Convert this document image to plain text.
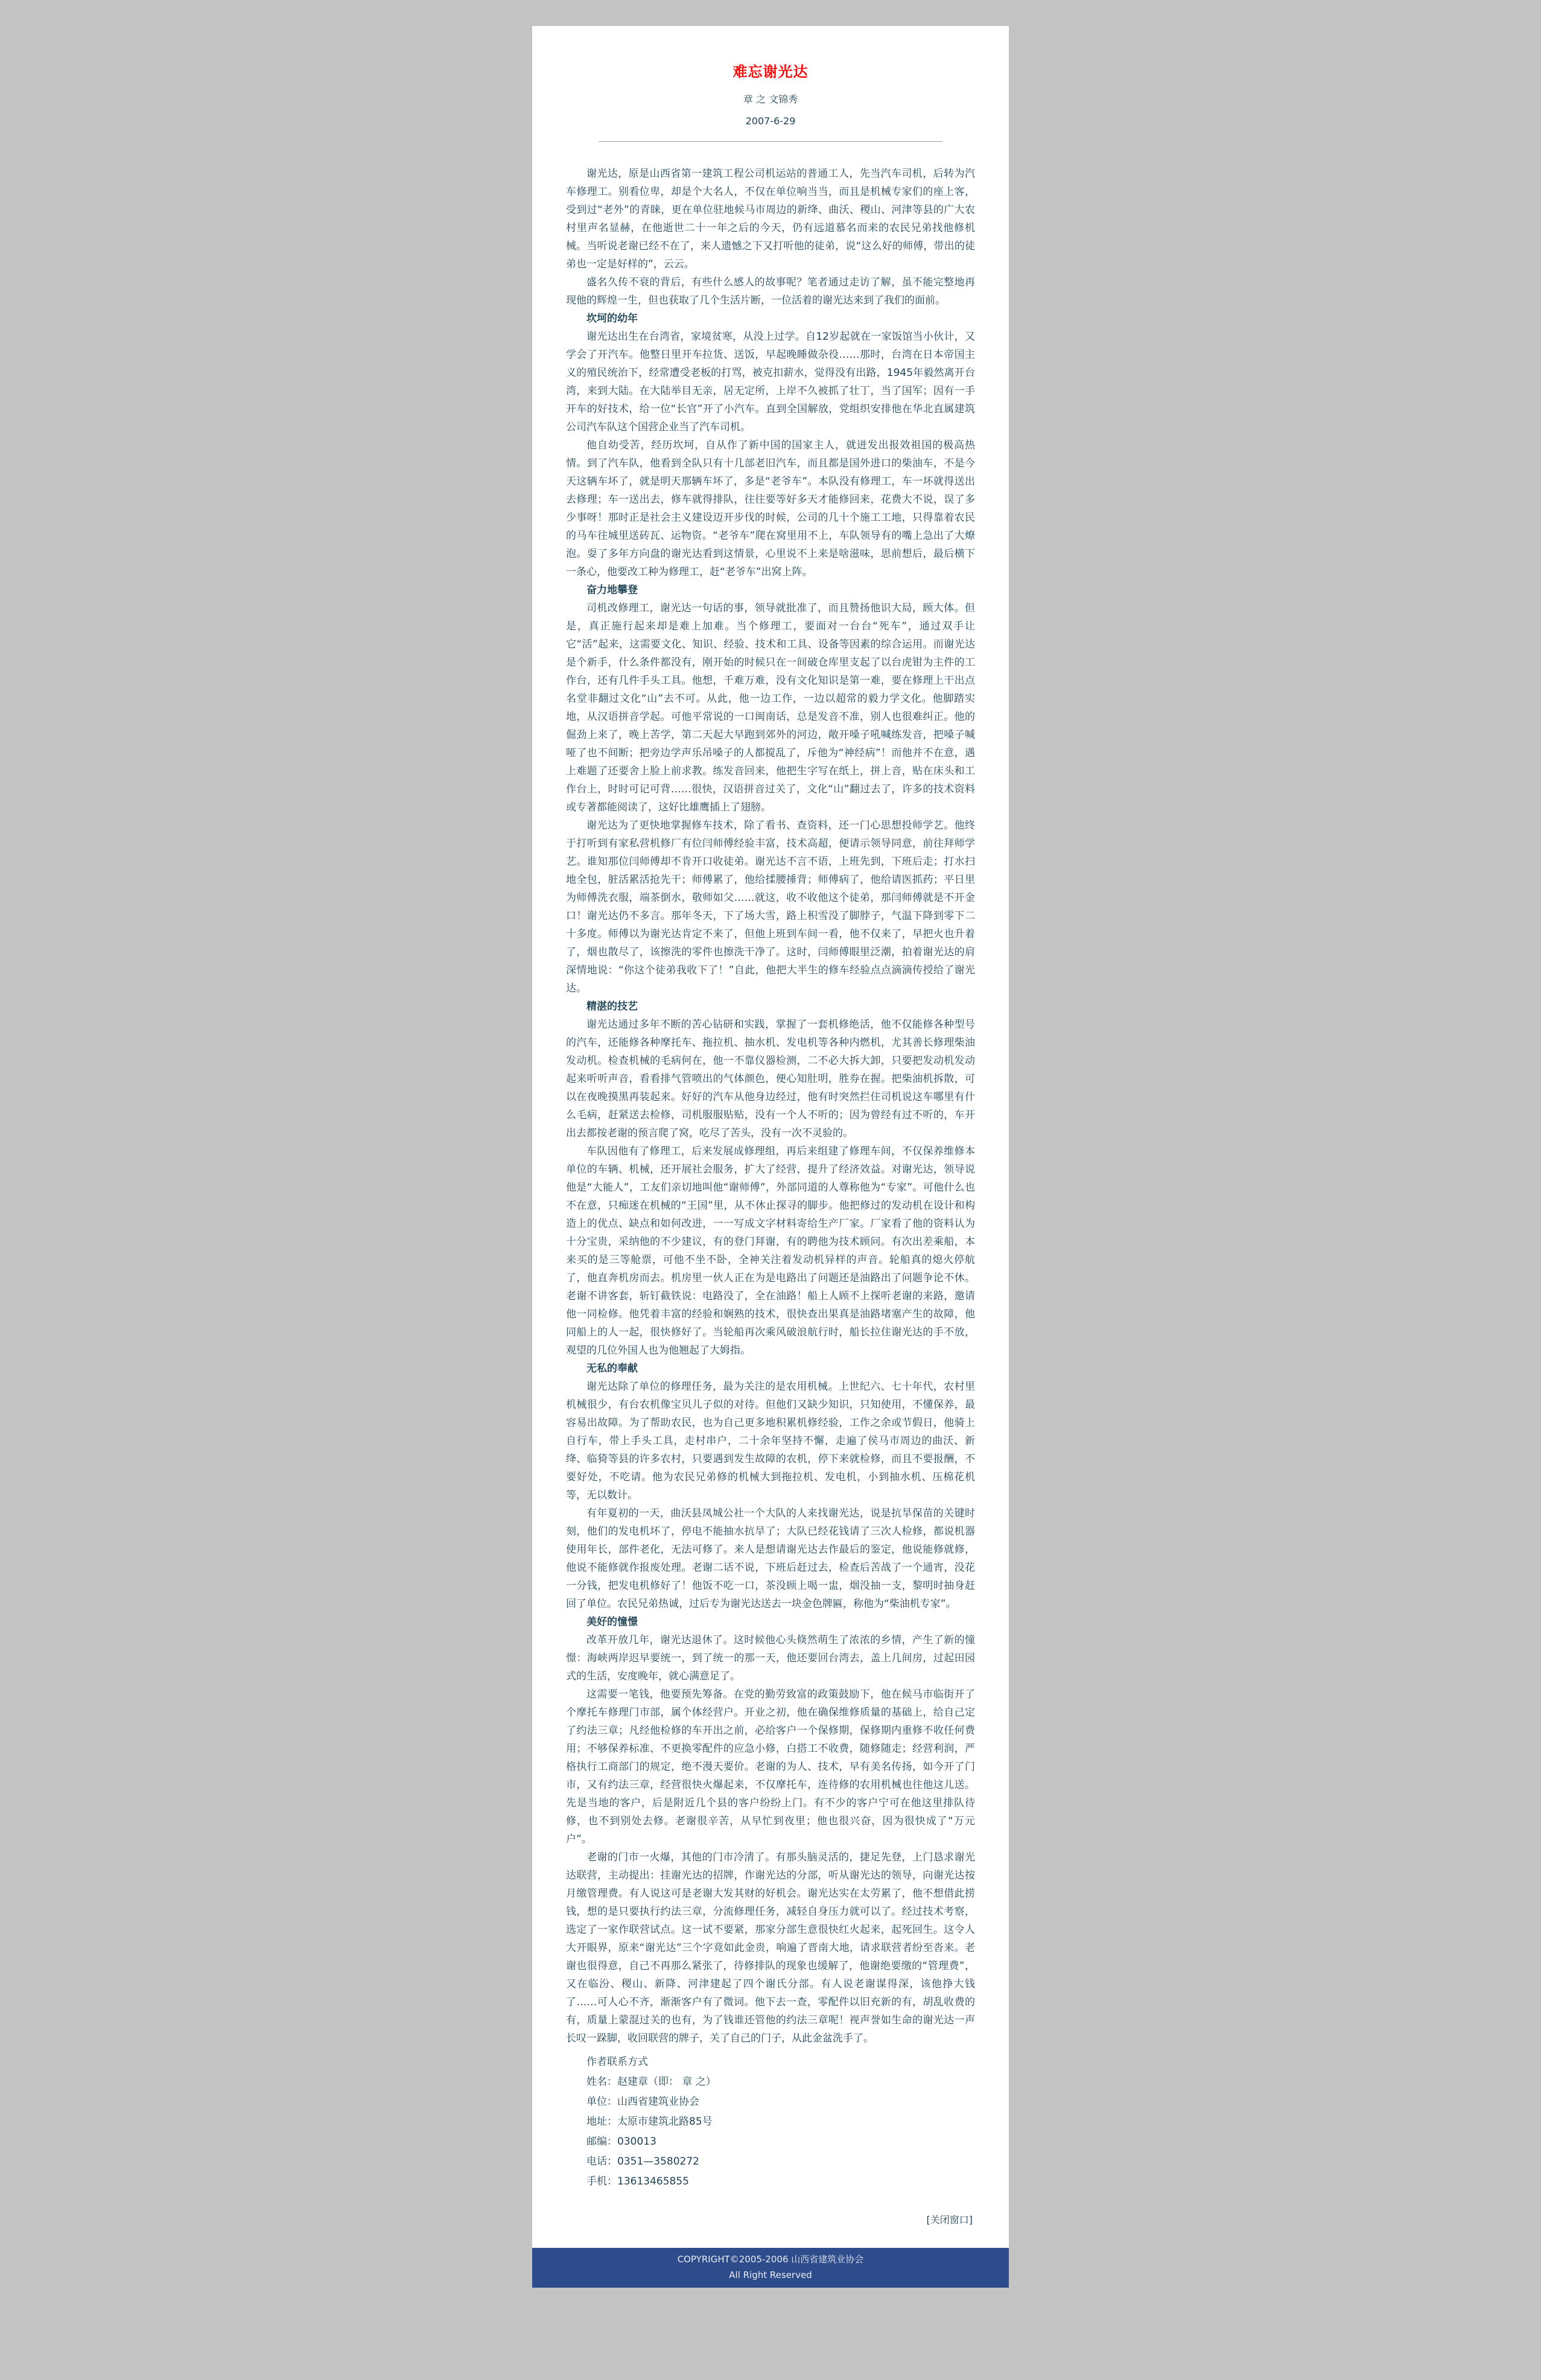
难忘谢光达

章 之 文锦秀

2007-6-29

谢光达，原是山西省第一建筑工程公司机运站的普通工人，先当汽车司机，后转为汽车修理工。别看位卑，却是个大名人，不仅在单位响当当，而且是机械专家们的座上客，受到过“老外”的青睐，更在单位驻地候马市周边的新绛、曲沃、稷山、河津等县的广大农村里声名显赫，在他逝世二十一年之后的今天，仍有远道慕名而来的农民兄弟找他修机械。当听说老谢已经不在了，来人遗憾之下又打听他的徒弟，说“这么好的师傅，带出的徒弟也一定是好样的”，云云。

盛名久传不衰的背后，有些什么感人的故事呢？笔者通过走访了解，虽不能完整地再现他的辉煌一生，但也获取了几个生活片断，一位活着的谢光达来到了我们的面前。

坎坷的幼年

谢光达出生在台湾省，家境贫寒，从没上过学。自12岁起就在一家饭馆当小伙计，又学会了开汽车。他整日里开车拉货、送饭，早起晚睡做杂役……那时，台湾在日本帝国主义的殖民统治下，经常遭受老板的打骂，被克扣薪水，觉得没有出路，1945年毅然离开台湾，来到大陆。在大陆举目无亲，居无定所，上岸不久被抓了壮丁，当了国军；因有一手开车的好技术，给一位“长官”开了小汽车。直到全国解放，党组织安排他在华北直属建筑公司汽车队这个国营企业当了汽车司机。

他自幼受苦，经历坎坷，自从作了新中国的国家主人，就迸发出报效祖国的极高热情。到了汽车队，他看到全队只有十几部老旧汽车，而且都是国外进口的柴油车，不是今天这辆车坏了，就是明天那辆车坏了，多是“老爷车”。本队没有修理工，车一坏就得送出去修理；车一送出去，修车就得排队，往往要等好多天才能修回来，花费大不说，误了多少事呀！那时正是社会主义建设迈开步伐的时候，公司的几十个施工工地，只得靠着农民的马车往城里送砖瓦、运物资。“老爷车”爬在窝里用不上，车队领导有的嘴上急出了大燎泡。耍了多年方向盘的谢光达看到这情景，心里说不上来是啥滋味，思前想后，最后横下一条心，他要改工种为修理工，赶“老爷车”出窝上阵。

奋力地攀登

司机改修理工，谢光达一句话的事，领导就批准了，而且赞扬他识大局，顾大体。但是，真正施行起来却是难上加难。当个修理工，要面对一台台“死车”，通过双手让它“活”起来，这需要文化、知识、经验、技术和工具、设备等因素的综合运用。而谢光达是个新手，什么条件都没有，刚开始的时候只在一间破仓库里支起了以台虎钳为主件的工作台，还有几件手头工具。他想，千难万难，没有文化知识是第一难，要在修理上干出点名堂非翻过文化“山”去不可。从此，他一边工作，一边以超常的毅力学文化。他脚踏实地，从汉语拼音学起。可他平常说的一口闽南话，总是发音不准，别人也很难纠正。他的倔劲上来了，晚上苦学，第二天起大早跑到郊外的河边，敞开嗓子吼喊练发音，把嗓子喊哑了也不间断；把旁边学声乐吊嗓子的人都搅乱了，斥他为“神经病”！而他并不在意，遇上难题了还要舍上脸上前求教。练发音回来，他把生字写在纸上，拼上音，贴在床头和工作台上，时时可记可背……很快，汉语拼音过关了，文化“山”翻过去了，许多的技术资料或专著都能阅读了，这好比雄鹰插上了翅膀。

谢光达为了更快地掌握修车技术，除了看书、查资料，还一门心思想投师学艺。他终于打听到有家私营机修厂有位闫师傅经验丰富，技术高超，便请示领导同意，前往拜师学艺。谁知那位闫师傅却不肯开口收徒弟。谢光达不言不语，上班先到，下班后走；打水扫地全包，脏活累活抢先干；师傅累了，他给揉腰捶背；师傅病了，他给请医抓药；平日里为师傅洗衣服，端茶倒水，敬师如父……就这，收不收他这个徒弟，那闫师傅就是不开金口！谢光达仍不多言。那年冬天，下了场大雪，路上积雪没了脚脖子，气温下降到零下二十多度。师傅以为谢光达肯定不来了，但他上班到车间一看，他不仅来了，早把火也升着了，烟也散尽了，该擦洗的零件也擦洗干净了。这时，闫师傅眼里泛潮，拍着谢光达的肩深情地说：“你这个徒弟我收下了！”自此，他把大半生的修车经验点点滴滴传授给了谢光达。

精湛的技艺

谢光达通过多年不断的苦心钻研和实践，掌握了一套机修绝活，他不仅能修各种型号的汽车，还能修各种摩托车、拖拉机、抽水机、发电机等各种内燃机，尤其善长修理柴油发动机。检查机械的毛病何在，他一不靠仪器检测，二不必大拆大卸，只要把发动机发动起来听听声音，看看排气管喷出的气体颜色，便心知肚明，胜券在握。把柴油机拆散，可以在夜晚摸黑再装起来。好好的汽车从他身边经过，他有时突然拦住司机说这车哪里有什么毛病，赶紧送去检修，司机服服贴贴，没有一个人不听的；因为曾经有过不听的，车开出去都按老谢的预言爬了窝，吃尽了苦头，没有一次不灵验的。

车队因他有了修理工，后来发展成修理组，再后来组建了修理车间，不仅保养维修本单位的车辆、机械，还开展社会服务，扩大了经营，提升了经济效益。对谢光达，领导说他是“大能人”，工友们亲切地叫他“谢师傅”，外部同道的人尊称他为“专家”。可他什么也不在意，只痴迷在机械的“王国”里，从不休止探寻的脚步。他把修过的发动机在设计和构造上的优点、缺点和如何改进，一一写成文字材料寄给生产厂家。厂家看了他的资料认为十分宝贵，采纳他的不少建议，有的登门拜谢，有的聘他为技术顾问。有次出差乘船，本来买的是三等舱票，可他不坐不卧，全神关注着发动机异样的声音。轮船真的熄火停航了，他直奔机房而去。机房里一伙人正在为是电路出了问题还是油路出了问题争论不休。老谢不讲客套，斩钉截铁说：电路没了，全在油路！船上人顾不上探听老谢的来路，邀请他一同检修。他凭着丰富的经验和娴熟的技术，很快查出果真是油路堵塞产生的故障，他同船上的人一起，很快修好了。当轮船再次乘风破浪航行时，船长拉住谢光达的手不放，观望的几位外国人也为他翘起了大姆指。

无私的奉献

谢光达除了单位的修理任务，最为关注的是农用机械。上世纪六、七十年代，农村里机械很少，有台农机像宝贝儿子似的对待。但他们又缺少知识，只知使用，不懂保养，最容易出故障。为了帮助农民，也为自己更多地积累机修经验，工作之余或节假日，他骑上自行车，带上手头工具，走村串户，二十余年坚持不懈，走遍了侯马市周边的曲沃、新绛、临猗等县的许多农村，只要遇到发生故障的农机，停下来就检修，而且不要报酬，不要好处，不吃请。他为农民兄弟修的机械大到拖拉机、发电机，小到抽水机、压棉花机等，无以数计。

有年夏初的一天，曲沃县凤城公社一个大队的人来找谢光达，说是抗旱保苗的关键时刻，他们的发电机坏了，停电不能抽水抗旱了；大队已经花钱请了三次人检修，都说机器使用年长，部件老化，无法可修了。来人是想请谢光达去作最后的鉴定，他说能修就修，他说不能修就作报废处理。老谢二话不说，下班后赶过去，检查后苦战了一个通宵，没花一分钱，把发电机修好了！他饭不吃一口，茶没顾上喝一盅，烟没抽一支，黎明时抽身赶回了单位。农民兄弟热诚，过后专为谢光达送去一块金色牌匾，称他为“柴油机专家”。

美好的憧憬

改革开放几年，谢光达退休了。这时候他心头倏然萌生了浓浓的乡情，产生了新的憧憬：海峡两岸迟早要统一，到了统一的那一天，他还要回台湾去，盖上几间房，过起田园式的生活，安度晚年，就心满意足了。

这需要一笔钱，他要预先筹备。在党的勤劳致富的政策鼓励下，他在候马市临街开了个摩托车修理门市部，属个体经营户。开业之初，他在确保维修质量的基础上，给自己定了约法三章；凡经他检修的车开出之前，必给客户一个保修期，保修期内重修不收任何费用；不够保养标准、不更换零配件的应急小修，白搭工不收费，随修随走；经营利润，严格执行工商部门的规定，绝不漫天要价。老谢的为人、技术，早有美名传扬，如今开了门市，又有约法三章，经营很快火爆起来，不仅摩托车，连待修的农用机械也往他这儿送。先是当地的客户，后是附近几个县的客户纷纷上门。有不少的客户宁可在他这里排队待修，也不到别处去修。老谢很辛苦，从早忙到夜里；他也很兴奋，因为很快成了“万元户”。

老谢的门市一火爆，其他的门市冷清了。有那头脑灵活的，捷足先登，上门恳求谢光达联营，主动提出：挂谢光达的招牌，作谢光达的分部，听从谢光达的领导，向谢光达按月缴管理费。有人说这可是老谢大发其财的好机会。谢光达实在太劳累了，他不想借此捞钱，想的是只要执行约法三章，分流修理任务，减轻自身压力就可以了。经过技术考察，选定了一家作联营试点。这一试不要紧，那家分部生意很快红火起来，起死回生。这令人大开眼界，原来“谢光达”三个字竟如此金贵，响遍了晋南大地，请求联营者纷至沓来。老谢也很得意，自己不再那么紧张了，待修排队的现象也缓解了，他谢绝要缴的“管理费”，又在临汾、稷山、新降、河津建起了四个谢氏分部。有人说老谢谋得深，该他挣大钱了……可人心不齐，渐渐客户有了微词。他下去一查，零配件以旧充新的有，胡乱收费的有，质量上蒙混过关的也有，为了钱谁还管他的约法三章呢！视声誉如生命的谢光达一声长叹一跺脚，收回联营的牌子，关了自己的门子，从此金盆洗手了。

作者联系方式

姓名：赵建章（即： 章 之）

单位：山西省建筑业协会

地址：太原市建筑北路85号

邮编：030013

电话：0351—3580272

手机：13613465855

[关闭窗口]

COPYRIGHT©2005-2006 山西省建筑业协会

All Right Reserved
